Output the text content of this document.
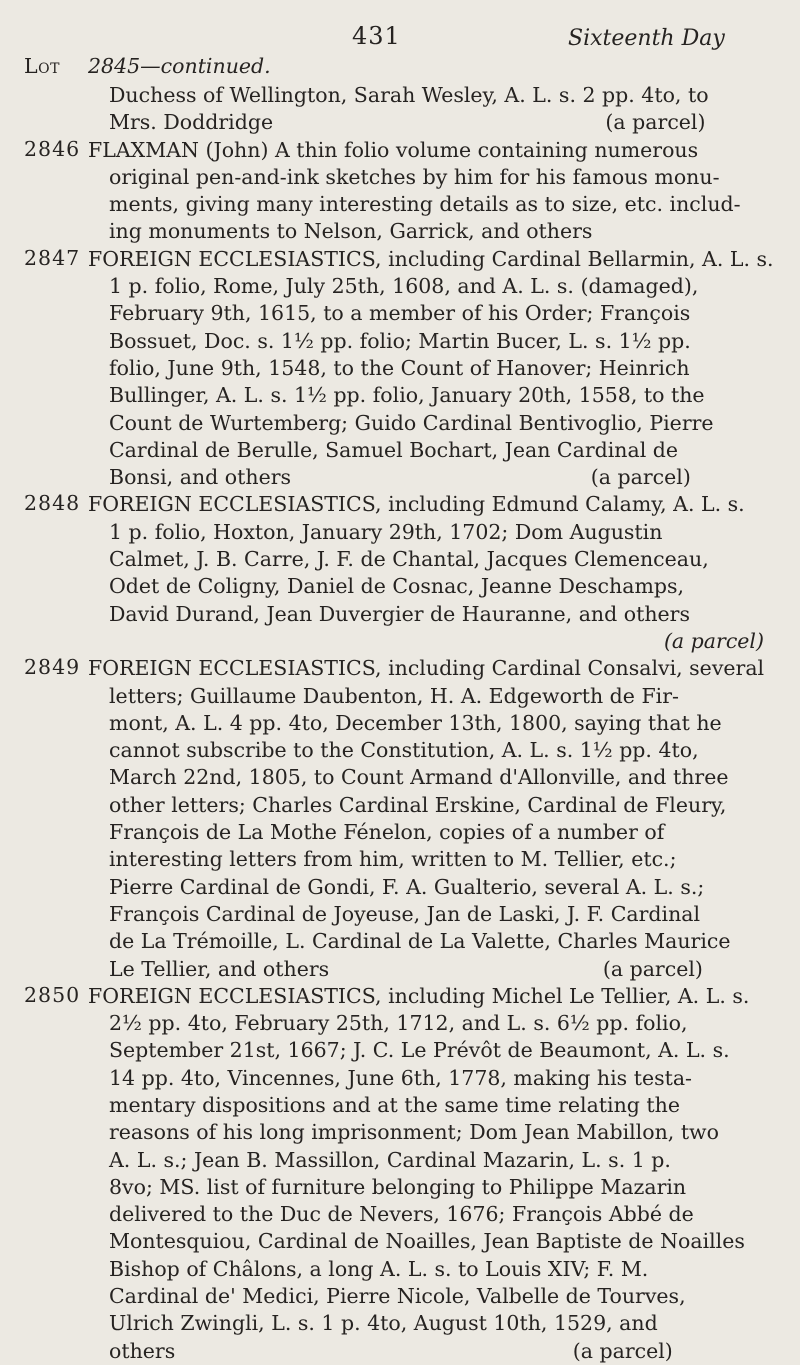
431	Sixteenth Day
Lot 2845—continued.
Duchess of Wellington, Sarah Wesley, A. L. s. 2 pp. 4to, to
Mrs. Doddridge                                                   (a parcel)
2846 FLAXMAN (John) A thin folio volume containing numerous
original pen-and-ink sketches by him for his famous monu-
ments, giving many interesting details as to size, etc. includ-
ing monuments to Nelson, Garrick, and others
2847 FOREIGN ECCLESIASTICS, including Cardinal Bellarmin, A. L. s.
1 p. folio, Rome, July 25th, 1608, and A. L. s. (damaged),
February 9th, 1615, to a member of his Order; François
Bossuet, Doc. s. 1½ pp. folio; Martin Bucer, L. s. 1½ pp.
folio, June 9th, 1548, to the Count of Hanover; Heinrich
Bullinger, A. L. s. 1½ pp. folio, January 20th, 1558, to the
Count de Wurtemberg; Guido Cardinal Bentivoglio, Pierre
Cardinal de Berulle, Samuel Bochart, Jean Cardinal de
Bonsi, and others                                              (a parcel)
2848 FOREIGN ECCLESIASTICS, including Edmund Calamy, A. L. s.
1 p. folio, Hoxton, January 29th, 1702; Dom Augustin
Calmet, J. B. Carre, J. F. de Chantal, Jacques Clemenceau,
Odet de Coligny, Daniel de Cosnac, Jeanne Deschamps,
David Durand, Jean Duvergier de Hauranne, and others
(a parcel)
2849 FOREIGN ECCLESIASTICS, including Cardinal Consalvi, several
letters; Guillaume Daubenton, H. A. Edgeworth de Fir-
mont, A. L. 4 pp. 4to, December 13th, 1800, saying that he
cannot subscribe to the Constitution, A. L. s. 1½ pp. 4to,
March 22nd, 1805, to Count Armand d'Allonville, and three
other letters; Charles Cardinal Erskine, Cardinal de Fleury,
François de La Mothe Fénelon, copies of a number of
interesting letters from him, written to M. Tellier, etc.;
Pierre Cardinal de Gondi, F. A. Gualterio, several A. L. s.;
François Cardinal de Joyeuse, Jan de Laski, J. F. Cardinal
de La Trémoille, L. Cardinal de La Valette, Charles Maurice
Le Tellier, and others                                          (a parcel)
2850 FOREIGN ECCLESIASTICS, including Michel Le Tellier, A. L. s.
2½ pp. 4to, February 25th, 1712, and L. s. 6½ pp. folio,
September 21st, 1667; J. C. Le Prévôt de Beaumont, A. L. s.
14 pp. 4to, Vincennes, June 6th, 1778, making his testa-
mentary dispositions and at the same time relating the
reasons of his long imprisonment; Dom Jean Mabillon, two
A. L. s.; Jean B. Massillon, Cardinal Mazarin, L. s. 1 p.
8vo; MS. list of furniture belonging to Philippe Mazarin
delivered to the Duc de Nevers, 1676; François Abbé de
Montesquiou, Cardinal de Noailles, Jean Baptiste de Noailles
Bishop of Châlons, a long A. L. s. to Louis XIV; F. M.
Cardinal de' Medici, Pierre Nicole, Valbelle de Tourves,
Ulrich Zwingli, L. s. 1 p. 4to, August 10th, 1529, and
others                                                             (a parcel)
